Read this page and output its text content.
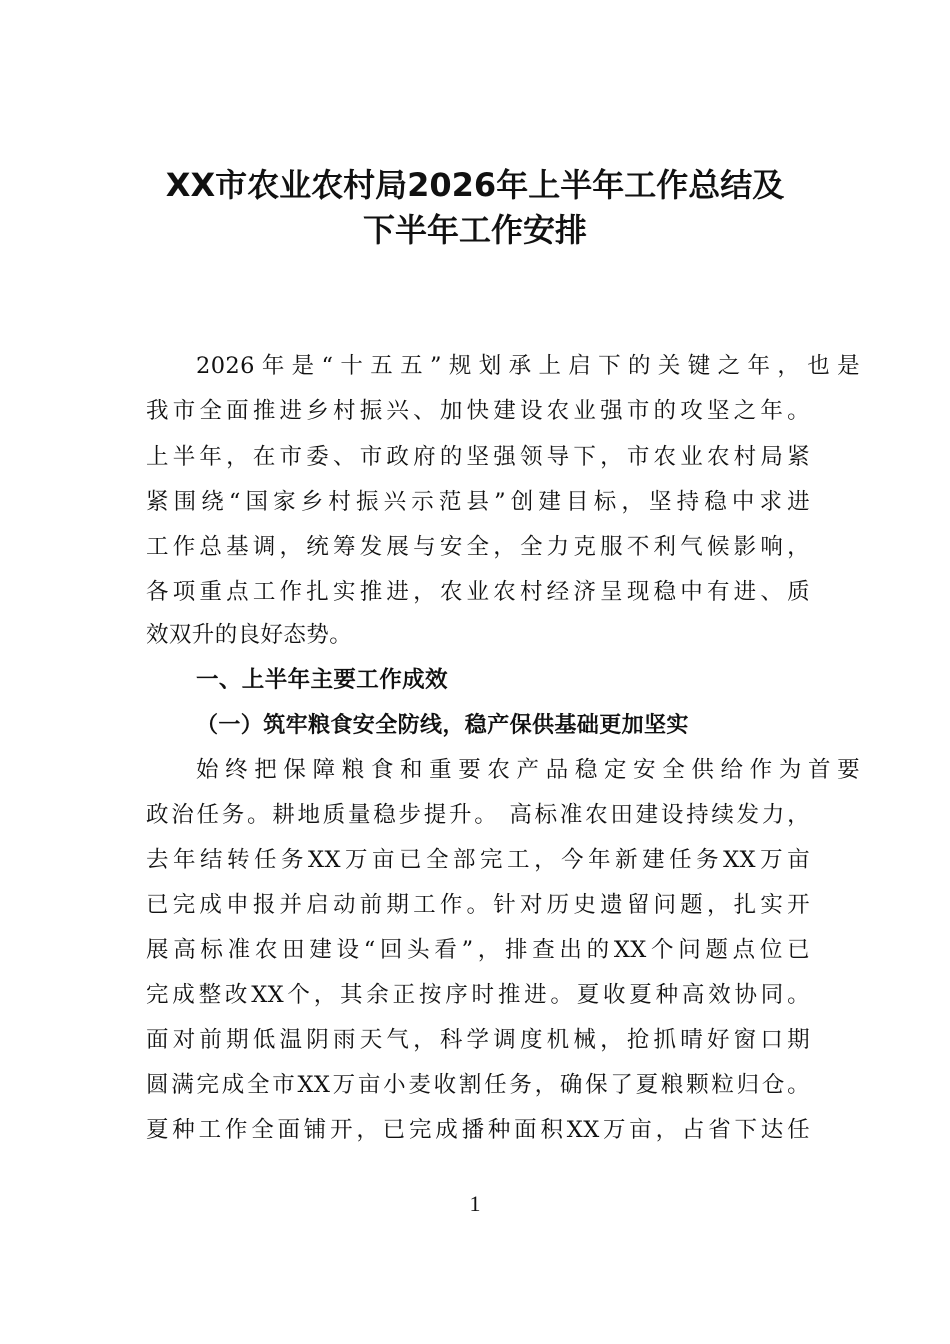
XX市农业农村局2026年上半年工作总结及
下半年工作安排
2026年是“十五五”规划承上启下的关键之年，也是
我市全面推进乡村振兴、加快建设农业强市的攻坚之年。
上半年，在市委、市政府的坚强领导下，市农业农村局紧
紧围绕“国家乡村振兴示范县”创建目标，坚持稳中求进
工作总基调，统筹发展与安全，全力克服不利气候影响，
各项重点工作扎实推进，农业农村经济呈现稳中有进、质
效双升的良好态势。
一、上半年主要工作成效
（一）筑牢粮食安全防线，稳产保供基础更加坚实
始终把保障粮食和重要农产品稳定安全供给作为首要
政治任务。耕地质量稳步提升。 高标准农田建设持续发力，
去年结转任务XX万亩已全部完工，今年新建任务XX万亩
已完成申报并启动前期工作。针对历史遗留问题，扎实开
展高标准农田建设“回头看”，排查出的XX个问题点位已
完成整改XX个，其余正按序时推进。夏收夏种高效协同。
面对前期低温阴雨天气，科学调度机械，抢抓晴好窗口期
圆满完成全市XX万亩小麦收割任务，确保了夏粮颗粒归仓。
夏种工作全面铺开，已完成播种面积XX万亩，占省下达任
1
